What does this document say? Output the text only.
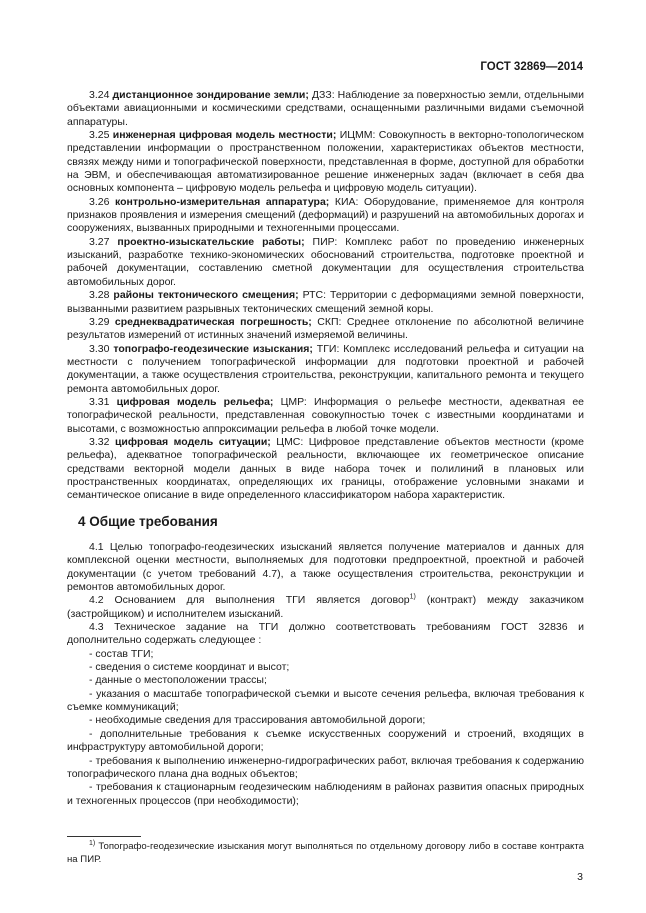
ГОСТ 32869—2014

3.24 дистанционное зондирование земли; ДЗЗ: Наблюдение за поверхностью земли, отдельными объектами авиационными и космическими средствами, оснащенными различными видами съемочной аппаратуры.

3.25 инженерная цифровая модель местности; ИЦММ: Совокупность в векторно-топологическом представлении информации о пространственном положении, характеристиках объектов местности, связях между ними и топографической поверхности, представленная в форме, доступной для обработки на ЭВМ, и обеспечивающая автоматизированное решение инженерных задач (включает в себя два основных компонента – цифровую модель рельефа и цифровую модель ситуации).

3.26 контрольно-измерительная аппаратура; КИА: Оборудование, применяемое для контроля признаков проявления и измерения смещений (деформаций) и разрушений на автомобильных дорогах и сооружениях, вызванных природными и техногенными процессами.

3.27 проектно-изыскательские работы; ПИР: Комплекс работ по проведению инженерных изысканий, разработке технико-экономических обоснований строительства, подготовке проектной и рабочей документации, составлению сметной документации для осуществления строительства автомобильных дорог.

3.28 районы тектонического смещения; РТС: Территории с деформациями земной поверхности, вызванными развитием разрывных тектонических смещений земной коры.

3.29 среднеквадратическая погрешность; СКП: Среднее отклонение по абсолютной величине результатов измерений от истинных значений измеряемой величины.

3.30 топографо-геодезические изыскания; ТГИ: Комплекс исследований рельефа и ситуации на местности с получением топографической информации для подготовки проектной и рабочей документации, а также осуществления строительства, реконструкции, капитального ремонта и текущего ремонта автомобильных дорог.

3.31 цифровая модель рельефа; ЦМР: Информация о рельефе местности, адекватная ее топографической реальности, представленная совокупностью точек с известными координатами и высотами, с возможностью аппроксимации рельефа в любой точке модели.

3.32 цифровая модель ситуации; ЦМС: Цифровое представление объектов местности (кроме рельефа), адекватное топографической реальности, включающее их геометрическое описание средствами векторной модели данных в виде набора точек и полилиний в плановых или пространственных координатах, определяющих их границы, отображение условными знаками и семантическое описание в виде определенного классификатором набора характеристик.

4 Общие требования

4.1 Целью топографо-геодезических изысканий является получение материалов и данных для комплексной оценки местности, выполняемых для подготовки предпроектной, проектной и рабочей документации (с учетом требований 4.7), а также осуществления строительства, реконструкции и ремонтов автомобильных дорог.

4.2 Основанием для выполнения ТГИ является договор$^{1)}$ (контракт) между заказчиком (застройщиком) и исполнителем изысканий.

4.3 Техническое задание на ТГИ должно соответствовать требованиям ГОСТ 32836 и дополнительно содержать следующее :

- состав ТГИ;

- сведения о системе координат и высот;

- данные о местоположении трассы;

- указания о масштабе топографической съемки и высоте сечения рельефа, включая требования к съемке коммуникаций;

- необходимые сведения для трассирования автомобильной дороги;

- дополнительные требования к съемке искусственных сооружений и строений, входящих в инфраструктуру автомобильной дороги;

- требования к выполнению инженерно-гидрографических работ, включая требования к содержанию топографического плана дна водных объектов;

- требования к стационарным геодезическим наблюдениям в районах развития опасных природных и техногенных процессов (при необходимости);

$^{1)}$ Топографо-геодезические изыскания могут выполняться по отдельному договору либо в составе контракта на ПИР.
3
